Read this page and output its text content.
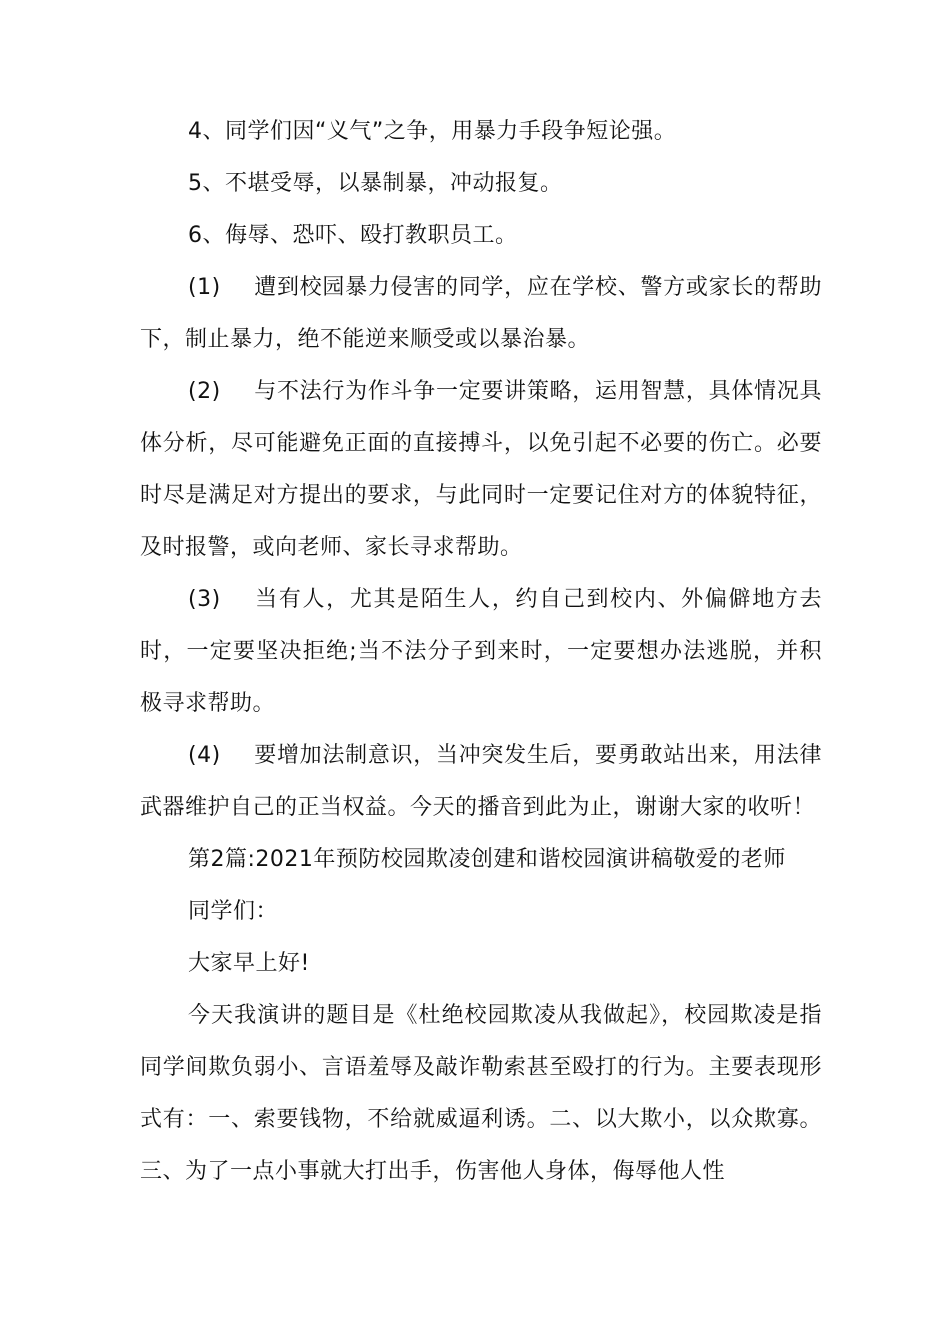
4、同学们因“义气”之争，用暴力手段争短论强。

5、不堪受辱，以暴制暴，冲动报复。

6、侮辱、恐吓、殴打教职员工。

(1) 遭到校园暴力侵害的同学，应在学校、警方或家长的帮助下，制止暴力，绝不能逆来顺受或以暴治暴。

(2) 与不法行为作斗争一定要讲策略，运用智慧，具体情况具体分析，尽可能避免正面的直接搏斗，以免引起不必要的伤亡。必要时尽是满足对方提出的要求，与此同时一定要记住对方的体貌特征，及时报警，或向老师、家长寻求帮助。

(3) 当有人，尤其是陌生人，约自己到校内、外偏僻地方去时，一定要坚决拒绝;当不法分子到来时，一定要想办法逃脱，并积极寻求帮助。

(4) 要增加法制意识，当冲突发生后，要勇敢站出来，用法律武器维护自己的正当权益。今天的播音到此为止，谢谢大家的收听！

第2篇:2021年预防校园欺凌创建和谐校园演讲稿敬爱的老师

同学们：

大家早上好!

今天我演讲的题目是《杜绝校园欺凌从我做起》，校园欺凌是指同学间欺负弱小、言语羞辱及敲诈勒索甚至殴打的行为。主要表现形式有：一、索要钱物，不给就威逼利诱。二、以大欺小，以众欺寡。三、为了一点小事就大打出手，伤害他人身体，侮辱他人性
